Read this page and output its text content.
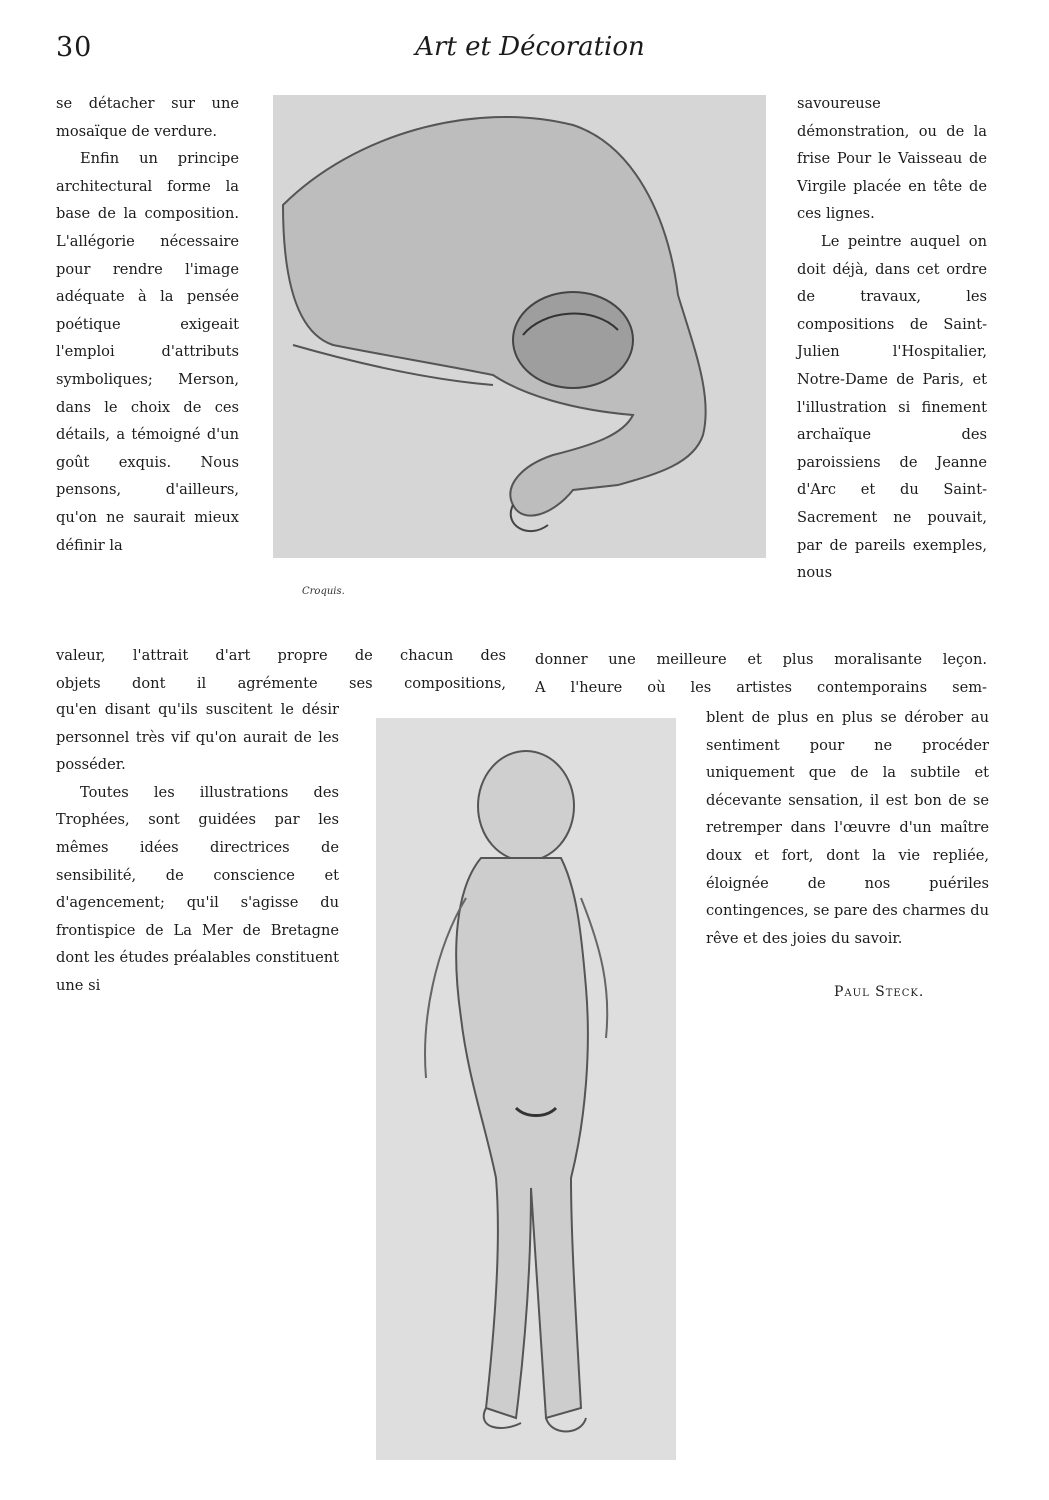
30	Art et Décoration

se détacher sur une mosaïque de verdure.

Enfin un principe architectural forme la base de la composition. L'allégorie nécessaire pour rendre l'image adéquate à la pensée poétique exigeait l'emploi d'attributs symboliques; Merson, dans le choix de ces détails, a témoigné d'un goût exquis. Nous pensons, d'ailleurs, qu'on ne saurait mieux définir la

Croquis.

savoureuse démonstration, ou de la frise Pour le Vaisseau de Virgile placée en tête de ces lignes.

Le peintre auquel on doit déjà, dans cet ordre de travaux, les compositions de Saint-Julien l'Hospitalier, Notre-Dame de Paris, et l'illustration si finement archaïque des paroissiens de Jeanne d'Arc et du Saint-Sacrement ne pouvait, par de pareils exemples, nous

valeur, l'attrait d'art propre de chacun des
objets dont il agrémente ses compositions,
donner une meilleure et plus moralisante leçon.
A l'heure où les artistes contemporains sem-

qu'en disant qu'ils suscitent le désir personnel très vif qu'on aurait de les posséder.

Toutes les illustrations des Trophées, sont guidées par les mêmes idées directrices de sensibilité, de conscience et d'agencement; qu'il s'agisse du frontispice de La Mer de Bretagne dont les études préalables constituent une si

blent de plus en plus se dérober au sentiment pour ne procéder uniquement que de la subtile et décevante sensation, il est bon de se retremper dans l'œuvre d'un maître doux et fort, dont la vie repliée, éloignée de nos puériles contingences, se pare des charmes du rêve et des joies du savoir.

Paul Steck.
